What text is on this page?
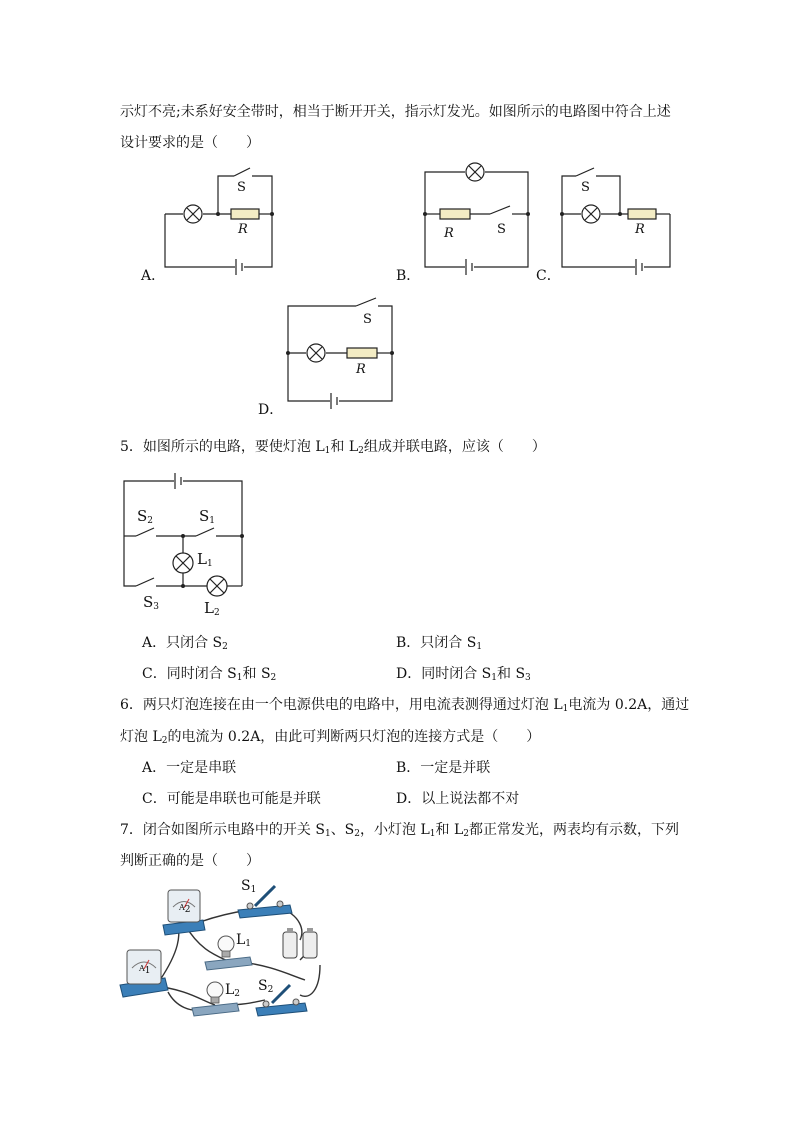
示灯不亮;未系好安全带时，相当于断开开关，指示灯发光。如图所示的电路图中符合上述
设计要求的是（　　）
S
R	R	S
S
R
S
R
A．	B．	C．
D．
5．如图所示的电路，要使灯泡 $L_1$和 $L_2$组成并联电路，应该（　　）
$S_2$	$S_1$
$L_1$
$S_3$	$L_2$
A．只闭合 $S_2$	B．只闭合 $S_1$
C．同时闭合 $S_1$和 $S_2$	D．同时闭合 $S_1$和 $S_3$
6．两只灯泡连接在由一个电源供电的电路中，用电流表测得通过灯泡 $L_1$电流为 0.2A，通过
灯泡 $L_2$的电流为 0.2A，由此可判断两只灯泡的连接方式是（　　）
A．一定是串联	B．一定是并联
C．可能是串联也可能是并联	D．以上说法都不对
7．闭合如图所示电路中的开关 $S_1$、$S_2$，小灯泡 $L_1$和 $L_2$都正常发光，两表均有示数，下列
判断正确的是（　　）
$A_2$
$A_1$
$S_1$
$L_1$
$L_2$ $S_2$
